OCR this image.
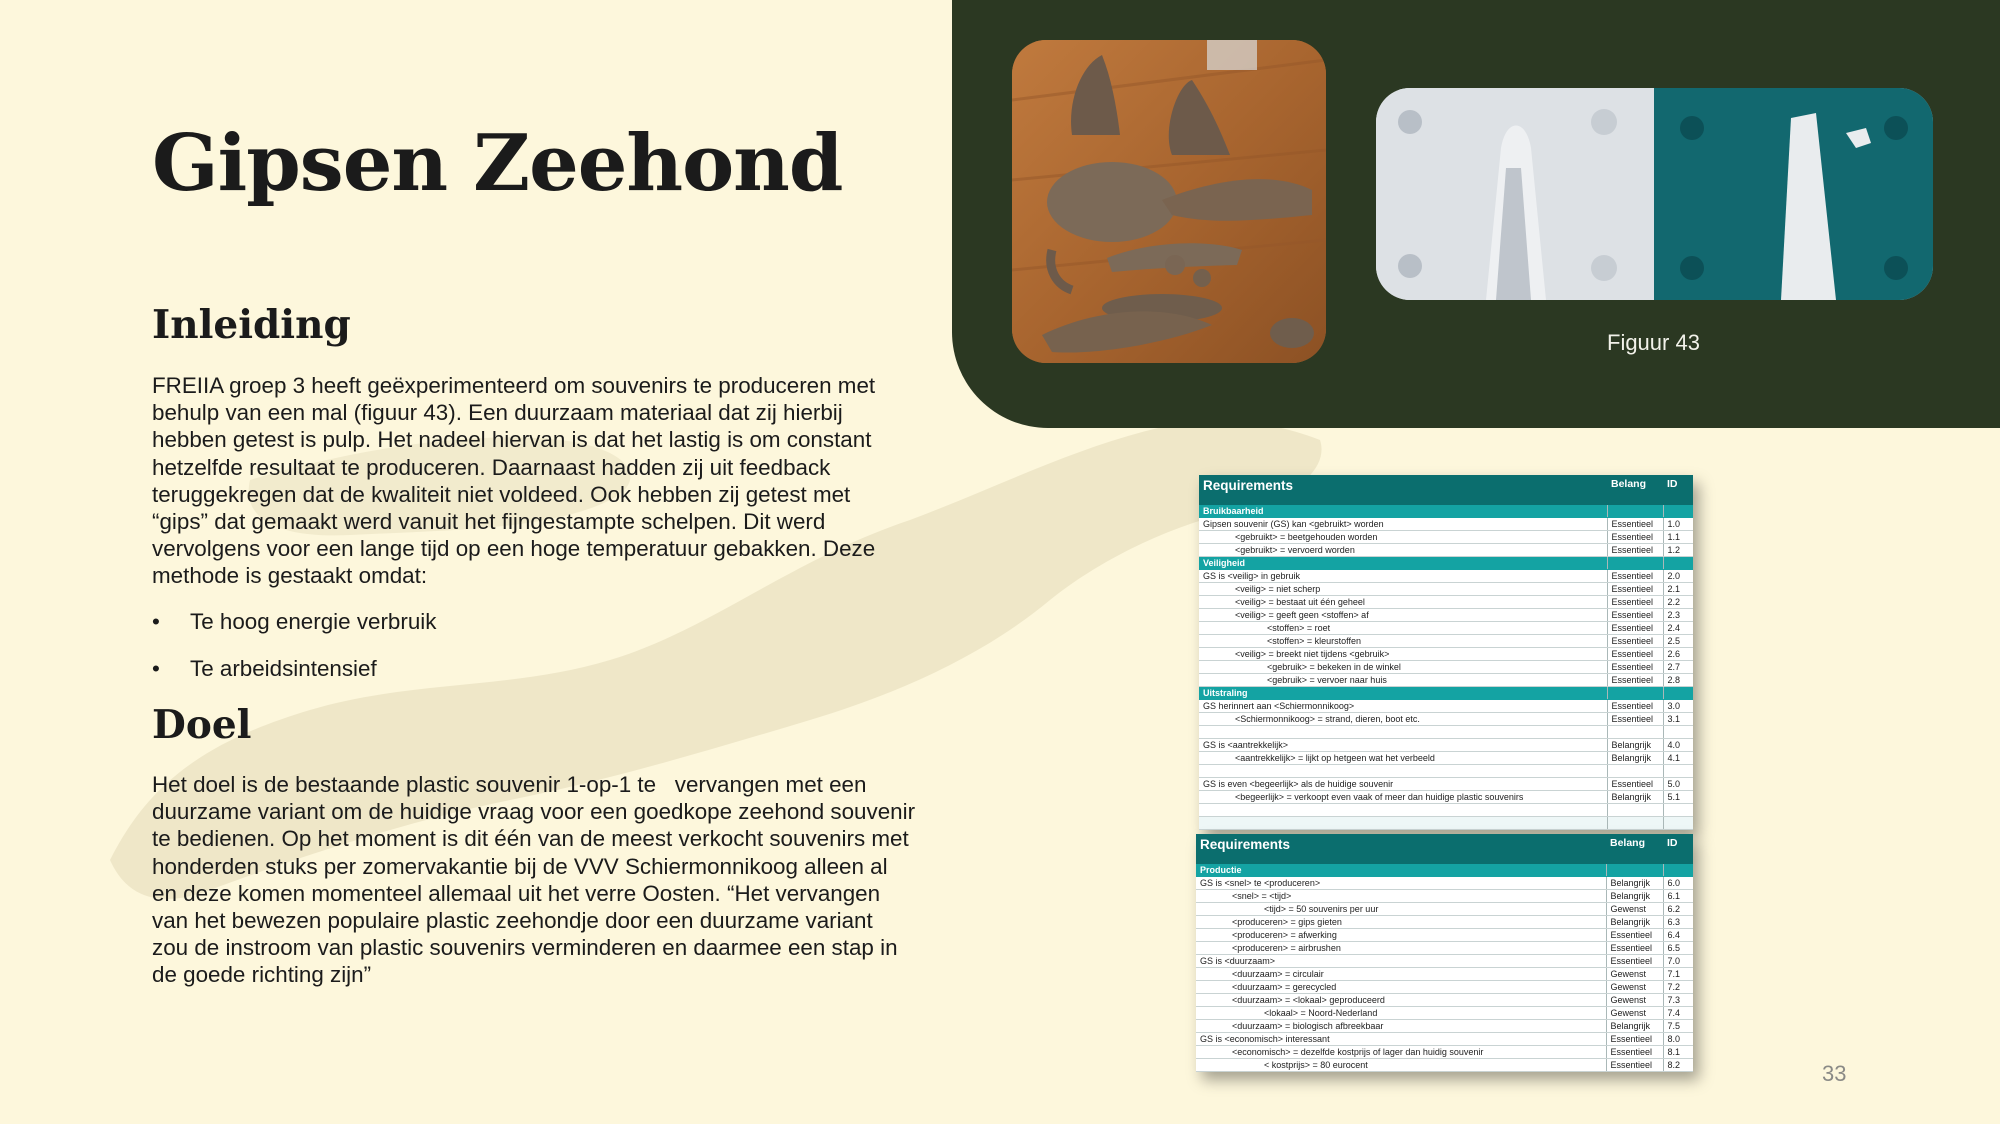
Gipsen Zeehond
Inleiding
FREIIA groep 3 heeft geëxperimenteerd om souvenirs te produceren met
behulp van een mal (figuur 43). Een duurzaam materiaal dat zij hierbij
hebben getest is pulp. Het nadeel hiervan is dat het lastig is om constant
hetzelfde resultaat te produceren. Daarnaast hadden zij uit feedback
teruggekregen dat de kwaliteit niet voldeed. Ook hebben zij getest met
“gips” dat gemaakt werd vanuit het fijngestampte schelpen. Dit werd
vervolgens voor een lange tijd op een hoge temperatuur gebakken. Deze
methode is gestaakt omdat:
• Te hoog energie verbruik
• Te arbeidsintensief
Doel
Het doel is de bestaande plastic souvenir 1-op-1 te   vervangen met een
duurzame variant om de huidige vraag voor een goedkope zeehond souvenir
te bedienen. Op het moment is dit één van de meest verkocht souvenirs met
honderden stuks per zomervakantie bij de VVV Schiermonnikoog alleen al
en deze komen momenteel allemaal uit het verre Oosten. “Het vervangen
van het bewezen populaire plastic zeehondje door een duurzame variant
zou de instroom van plastic souvenirs verminderen en daarmee een stap in
de goede richting zijn”
Figuur 43
Requirements	Belang	ID
Bruikbaarheid		
Gipsen souvenir (GS) kan <gebruikt> worden	Essentieel	1.0
<gebruikt> = beetgehouden worden	Essentieel	1.1
<gebruikt> = vervoerd worden	Essentieel	1.2
Veiligheid		
GS is <veilig> in gebruik	Essentieel	2.0
<veilig> = niet scherp	Essentieel	2.1
<veilig> = bestaat uit één geheel	Essentieel	2.2
<veilig> = geeft geen <stoffen> af	Essentieel	2.3
<stoffen> = roet	Essentieel	2.4
<stoffen> = kleurstoffen	Essentieel	2.5
<veilig> = breekt niet tijdens <gebruik>	Essentieel	2.6
<gebruik> = bekeken in de winkel	Essentieel	2.7
<gebruik> = vervoer naar huis	Essentieel	2.8
Uitstraling		
GS herinnert aan <Schiermonnikoog>	Essentieel	3.0
<Schiermonnikoog> = strand, dieren, boot etc.	Essentieel	3.1

GS is <aantrekkelijk>	Belangrijk	4.0
<aantrekkelijk> = lijkt op hetgeen wat het verbeeld	Belangrijk	4.1

GS is even <begeerlijk> als de huidige souvenir	Essentieel	5.0
<begeerlijk> = verkoopt even vaak of meer dan huidige plastic souvenirs	Belangrijk	5.1

Requirements	Belang	ID
Productie		
GS is <snel> te <produceren>	Belangrijk	6.0
<snel> = <tijd>	Belangrijk	6.1
<tijd> = 50 souvenirs per uur	Gewenst	6.2
<produceren> = gips gieten	Belangrijk	6.3
<produceren> = afwerking	Essentieel	6.4
<produceren> = airbrushen	Essentieel	6.5
GS is <duurzaam>	Essentieel	7.0
<duurzaam> = circulair	Gewenst	7.1
<duurzaam> = gerecycled	Gewenst	7.2
<duurzaam> = <lokaal> geproduceerd	Gewenst	7.3
<lokaal> = Noord-Nederland	Gewenst	7.4
<duurzaam> = biologisch afbreekbaar	Belangrijk	7.5
GS is <economisch> interessant	Essentieel	8.0
<economisch> = dezelfde kostprijs of lager dan huidig souvenir	Essentieel	8.1
< kostprijs> = 80 eurocent	Essentieel	8.2	33
